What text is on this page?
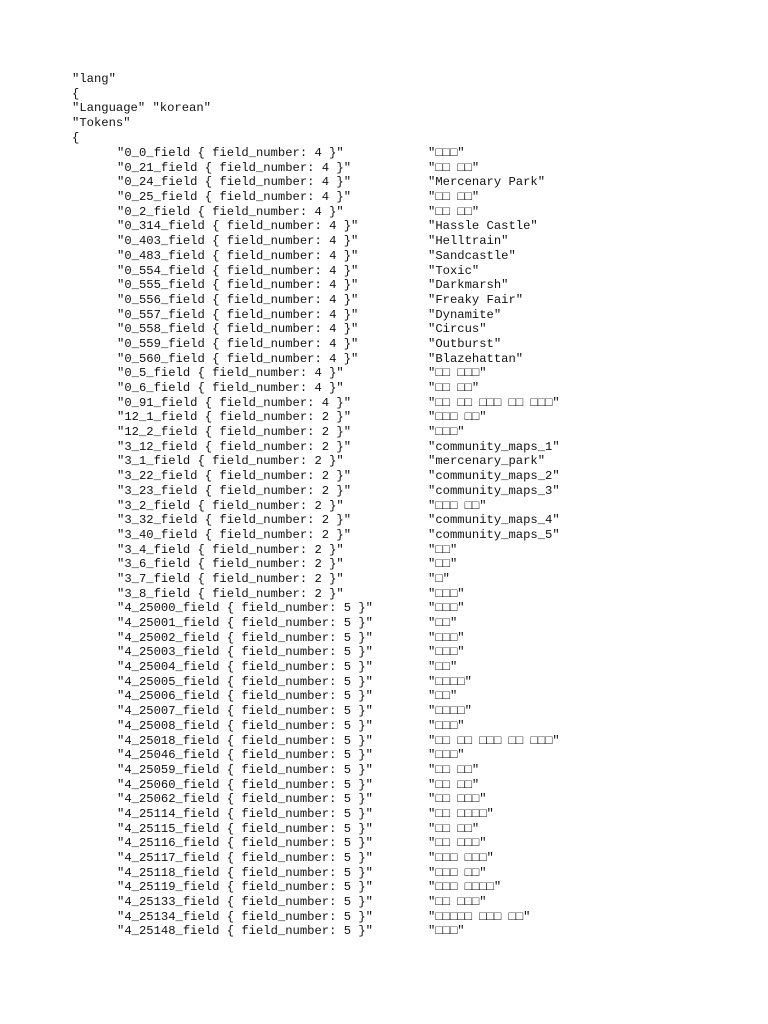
"lang"
{
"Language" "korean"
"Tokens"
{
"0_0_field { field_number: 4 }"	"□□□"
"0_21_field { field_number: 4 }"	"□□ □□"
"0_24_field { field_number: 4 }"	"Mercenary Park"
"0_25_field { field_number: 4 }"	"□□ □□"
"0_2_field { field_number: 4 }"	"□□ □□"
"0_314_field { field_number: 4 }"	"Hassle Castle"
"0_403_field { field_number: 4 }"	"Helltrain"
"0_483_field { field_number: 4 }"	"Sandcastle"
"0_554_field { field_number: 4 }"	"Toxic"
"0_555_field { field_number: 4 }"	"Darkmarsh"
"0_556_field { field_number: 4 }"	"Freaky Fair"
"0_557_field { field_number: 4 }"	"Dynamite"
"0_558_field { field_number: 4 }"	"Circus"
"0_559_field { field_number: 4 }"	"Outburst"
"0_560_field { field_number: 4 }"	"Blazehattan"
"0_5_field { field_number: 4 }"	"□□ □□□"
"0_6_field { field_number: 4 }"	"□□ □□"
"0_91_field { field_number: 4 }"	"□□ □□ □□□ □□ □□□"
"12_1_field { field_number: 2 }"	"□□□ □□"
"12_2_field { field_number: 2 }"	"□□□"
"3_12_field { field_number: 2 }"	"community_maps_1"
"3_1_field { field_number: 2 }"	"mercenary_park"
"3_22_field { field_number: 2 }"	"community_maps_2"
"3_23_field { field_number: 2 }"	"community_maps_3"
"3_2_field { field_number: 2 }"	"□□□ □□"
"3_32_field { field_number: 2 }"	"community_maps_4"
"3_40_field { field_number: 2 }"	"community_maps_5"
"3_4_field { field_number: 2 }"	"□□"
"3_6_field { field_number: 2 }"	"□□"
"3_7_field { field_number: 2 }"	"□"
"3_8_field { field_number: 2 }"	"□□□"
"4_25000_field { field_number: 5 }"	"□□□"
"4_25001_field { field_number: 5 }"	"□□"
"4_25002_field { field_number: 5 }"	"□□□"
"4_25003_field { field_number: 5 }"	"□□□"
"4_25004_field { field_number: 5 }"	"□□"
"4_25005_field { field_number: 5 }"	"□□□□"
"4_25006_field { field_number: 5 }"	"□□"
"4_25007_field { field_number: 5 }"	"□□□□"
"4_25008_field { field_number: 5 }"	"□□□"
"4_25018_field { field_number: 5 }"	"□□ □□ □□□ □□ □□□"
"4_25046_field { field_number: 5 }"	"□□□"
"4_25059_field { field_number: 5 }"	"□□ □□"
"4_25060_field { field_number: 5 }"	"□□ □□"
"4_25062_field { field_number: 5 }"	"□□ □□□"
"4_25114_field { field_number: 5 }"	"□□ □□□□"
"4_25115_field { field_number: 5 }"	"□□ □□"
"4_25116_field { field_number: 5 }"	"□□ □□□"
"4_25117_field { field_number: 5 }"	"□□□ □□□"
"4_25118_field { field_number: 5 }"	"□□□ □□"
"4_25119_field { field_number: 5 }"	"□□□ □□□□"
"4_25133_field { field_number: 5 }"	"□□ □□□"
"4_25134_field { field_number: 5 }"	"□□□□□ □□□ □□"
"4_25148_field { field_number: 5 }"	"□□□"
